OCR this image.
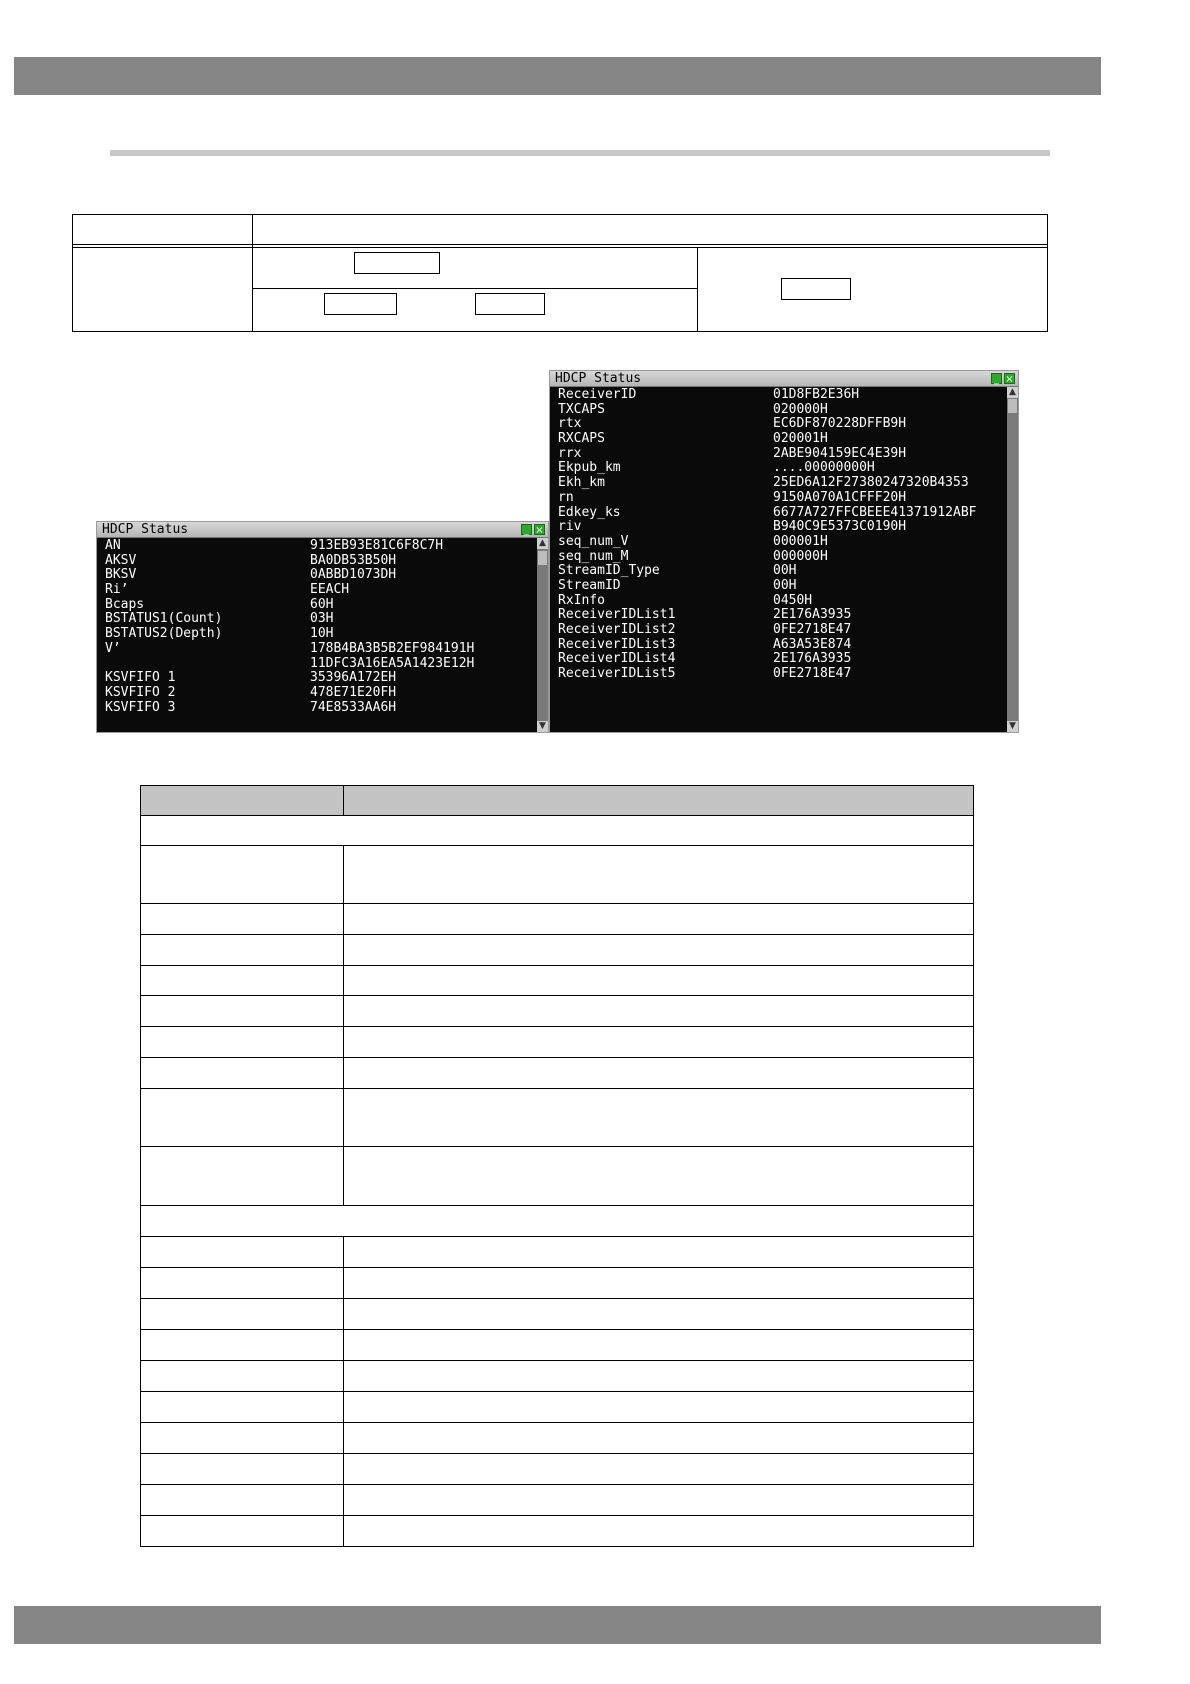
HDCP Status	_ ×
AN	913EB93E81C6F8C7H
AKSV	BA0DB53B50H
BKSV	0ABBD1073DH
Ri’	EEACH
Bcaps	60H
BSTATUS1(Count)	03H
BSTATUS2(Depth)	10H
V’	178B4BA3B5B2EF984191H
11DFC3A16EA5A1423E12H
KSVFIFO 1	35396A172EH
KSVFIFO 2	478E71E20FH
KSVFIFO 3	74E8533AA6H
▲
▼
HDCP Status	_ ×
ReceiverID	01D8FB2E36H
TXCAPS	020000H
rtx	EC6DF870228DFFB9H
RXCAPS	020001H
rrx	2ABE904159EC4E39H
Ekpub_km	....00000000H
Ekh_km	25ED6A12F27380247320B4353
rn	9150A070A1CFFF20H
Edkey_ks	6677A727FFCBEEE41371912ABF
riv	B940C9E5373C0190H
seq_num_V	000001H
seq_num_M	000000H
StreamID_Type	00H
StreamID	00H
RxInfo	0450H
ReceiverIDList1	2E176A3935
ReceiverIDList2	0FE2718E47
ReceiverIDList3	A63A53E874
ReceiverIDList4	2E176A3935
ReceiverIDList5	0FE2718E47
▲
▼
